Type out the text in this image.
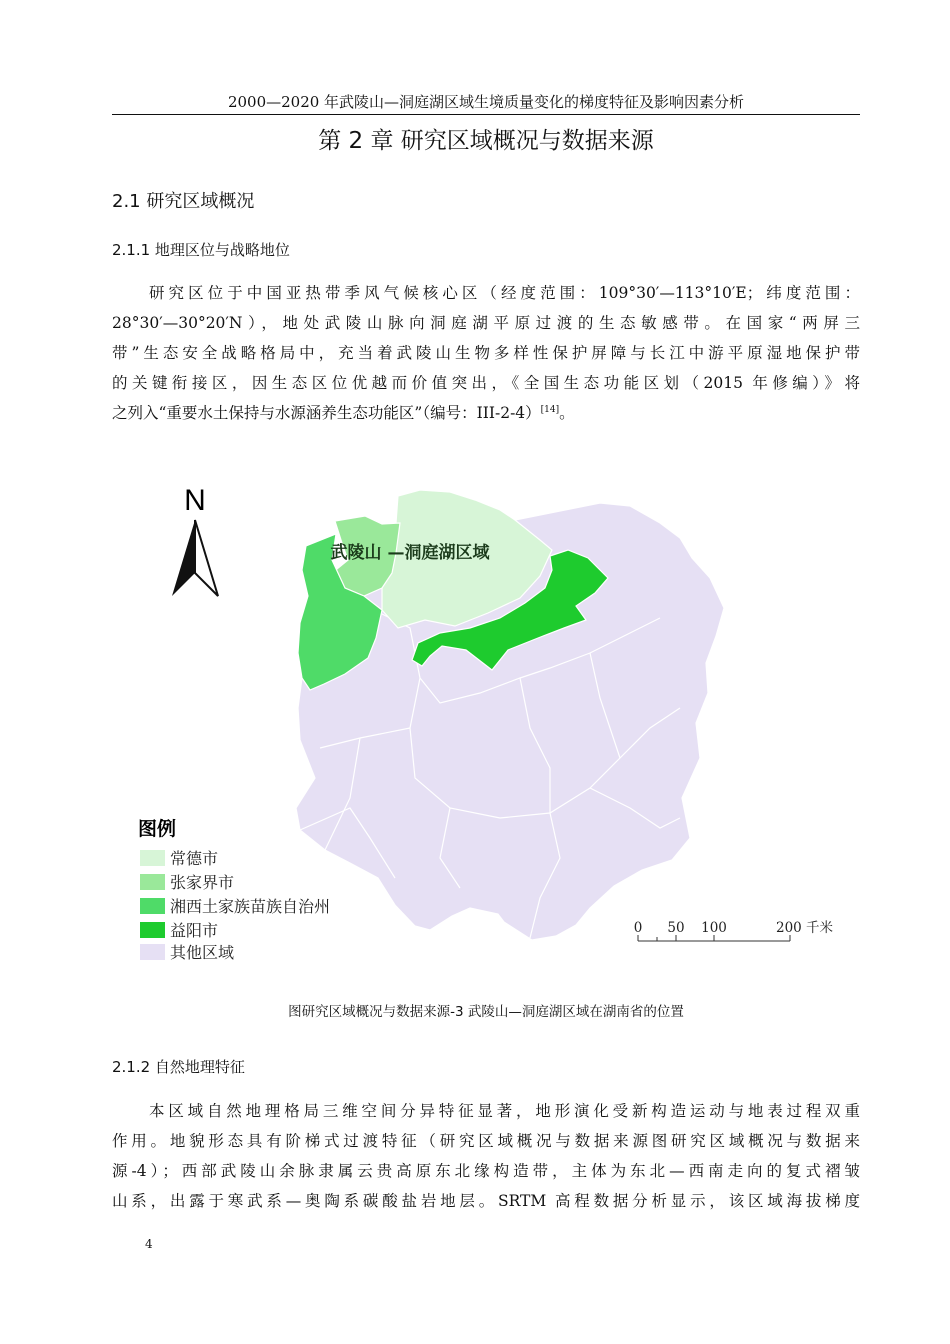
2000—2020 年武陵山—洞庭湖区域生境质量变化的梯度特征及影响因素分析
第 2 章 研究区域概况与数据来源
2.1 研究区域概况
2.1.1 地理区位与战略地位

研究区位于中国亚热带季风气候核心区（经度范围：109°30′—113°10′E；纬度范围：
28°30′—30°20′N），地处武陵山脉向洞庭湖平原过渡的生态敏感带。在国家“两屏三
带”生态安全战略格局中，充当着武陵山生物多样性保护屏障与长江中游平原湿地保护带
的关键衔接区，因生态区位优越而价值突出，《全国生态功能区划（2015 年修编）》将
之列入“重要水土保持与水源涵养生态功能区”（编号：III-2-4）[14]。

N
武陵山 —洞庭湖区域
图例
常德市
张家界市
湘西土家族苗族自治州
益阳市
其他区域
0 50 100	200 千米
图研究区域概况与数据来源-3 武陵山—洞庭湖区域在湖南省的位置
2.1.2 自然地理特征

本区域自然地理格局三维空间分异特征显著，地形演化受新构造运动与地表过程双重
作用。地貌形态具有阶梯式过渡特征（研究区域概况与数据来源图研究区域概况与数据来
源-4）；西部武陵山余脉隶属云贵高原东北缘构造带，主体为东北—西南走向的复式褶皱
山系，出露于寒武系—奥陶系碳酸盐岩地层。SRTM 高程数据分析显示，该区域海拔梯度

4
